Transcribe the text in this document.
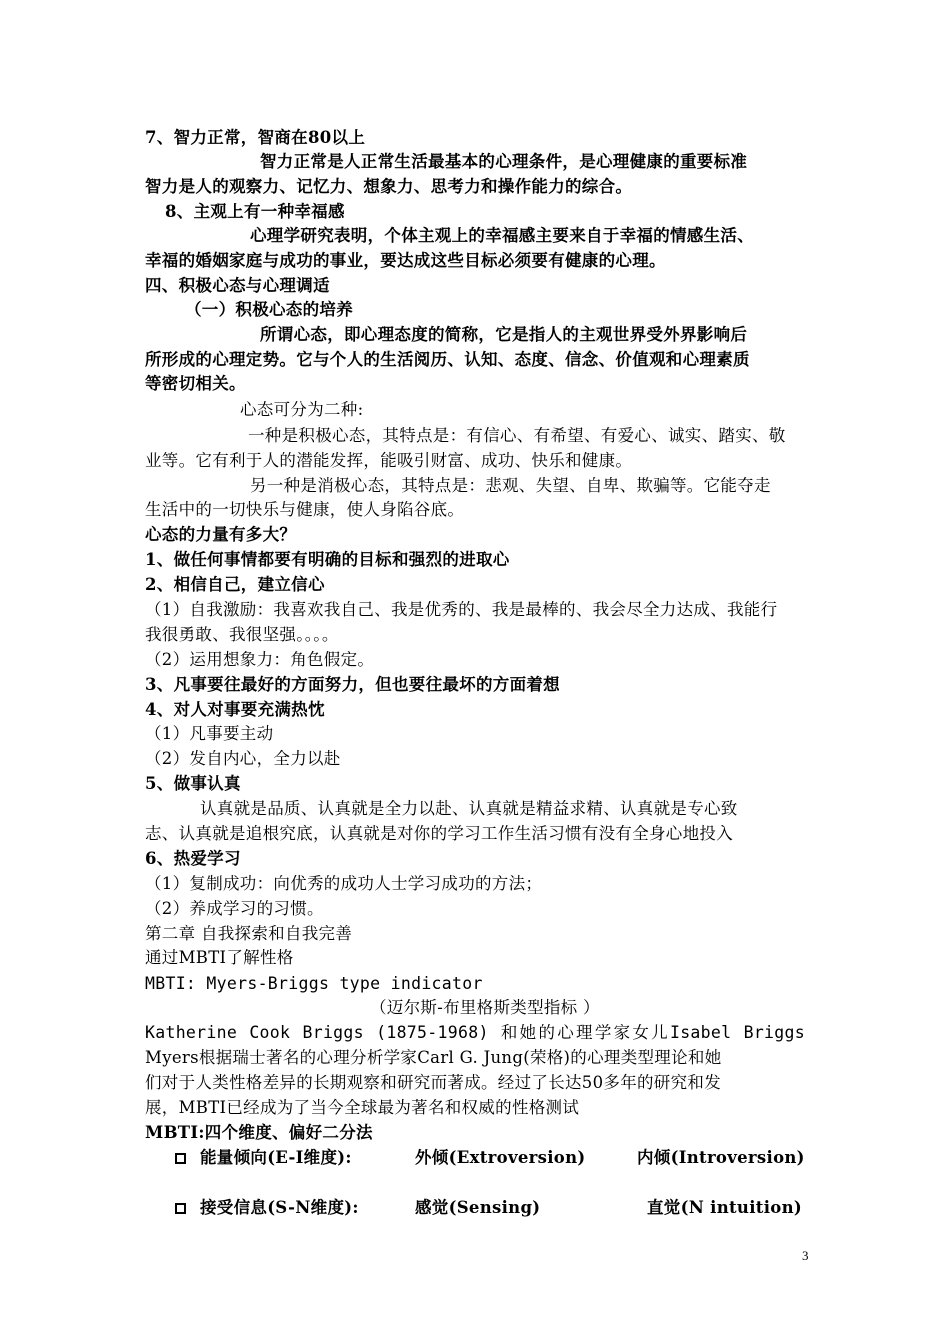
7、智力正常，智商在80以上
智力正常是人正常生活最基本的心理条件，是心理健康的重要标准
智力是人的观察力、记忆力、想象力、思考力和操作能力的综合。
8、主观上有一种幸福感
心理学研究表明，个体主观上的幸福感主要来自于幸福的情感生活、
幸福的婚姻家庭与成功的事业，要达成这些目标必须要有健康的心理。
四、积极心态与心理调适
（一）积极心态的培养
所谓心态，即心理态度的简称，它是指人的主观世界受外界影响后
所形成的心理定势。它与个人的生活阅历、认知、态度、信念、价值观和心理素质
等密切相关。
心态可分为二种:
一种是积极心态，其特点是：有信心、有希望、有爱心、诚实、踏实、敬
业等。它有利于人的潜能发挥，能吸引财富、成功、快乐和健康。
另一种是消极心态，其特点是：悲观、失望、自卑、欺骗等。它能夺走
生活中的一切快乐与健康，使人身陷谷底。
心态的力量有多大？
1、做任何事情都要有明确的目标和强烈的进取心
2、相信自己，建立信心
（1）自我激励：我喜欢我自己、我是优秀的、我是最棒的、我会尽全力达成、我能行
我很勇敢、我很坚强。。。。
（2）运用想象力：角色假定。
3、凡事要往最好的方面努力，但也要往最坏的方面着想
4、对人对事要充满热忱
（1）凡事要主动
（2）发自内心，全力以赴
5、做事认真
认真就是品质、认真就是全力以赴、认真就是精益求精、认真就是专心致
志、认真就是追根究底，认真就是对你的学习工作生活习惯有没有全身心地投入
6、热爱学习
（1）复制成功：向优秀的成功人士学习成功的方法；
（2）养成学习的习惯。
第二章 自我探索和自我完善
通过MBTI了解性格
MBTI: Myers-Briggs type indicator
（迈尔斯-布里格斯类型指标 ）
Katherine Cook Briggs (1875-1968) 和她的心理学家女儿Isabel Briggs
Myers根据瑞士著名的心理分析学家Carl G. Jung(荣格)的心理类型理论和她
们对于人类性格差异的长期观察和研究而著成。经过了长达50多年的研究和发
展，MBTI已经成为了当今全球最为著名和权威的性格测试
MBTI:四个维度、偏好二分法
能量倾向(E-I维度):	外倾(Extroversion)	内倾(Introversion)
接受信息(S-N维度):	感觉(Sensing)	直觉(N intuition)
3
